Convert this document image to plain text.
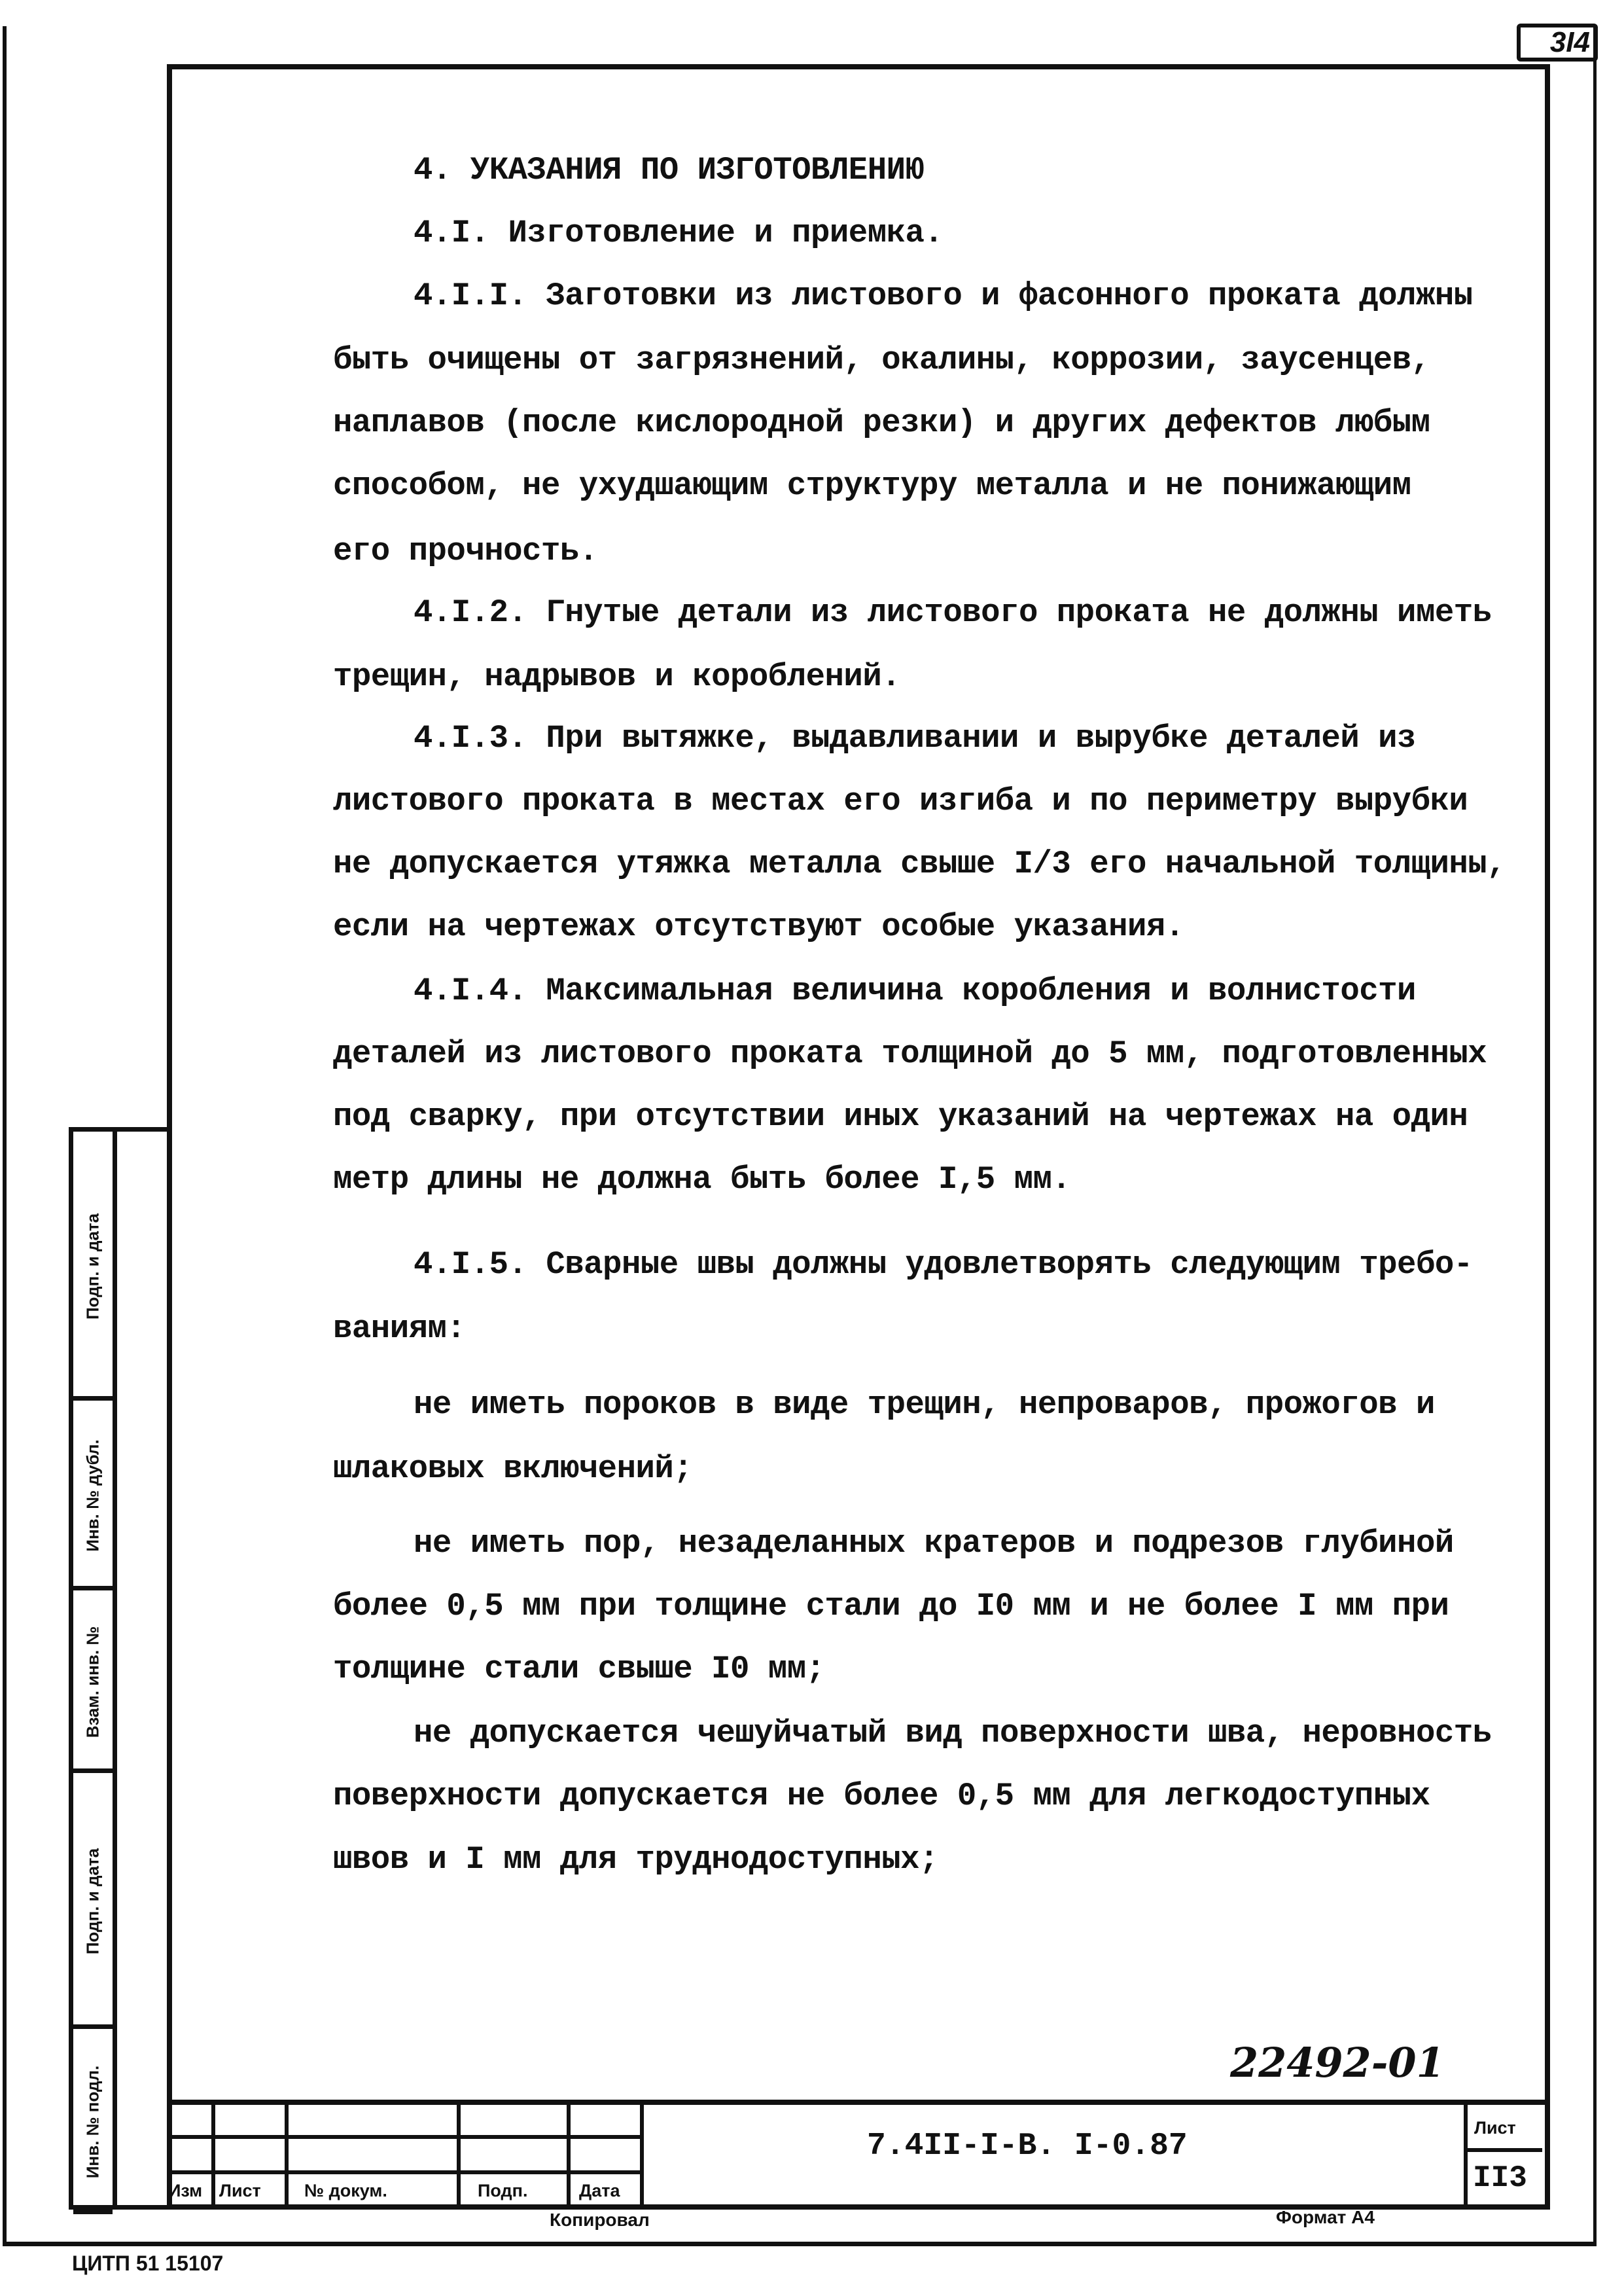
3I4
4. УКАЗАНИЯ ПО ИЗГОТОВЛЕНИЮ
4.I. Изготовление и приемка.
4.I.I. Заготовки из листового и фасонного проката должны
быть очищены от загрязнений, окалины, коррозии, заусенцев,
наплавов (после кислородной резки) и других дефектов любым
способом, не ухудшающим структуру металла и не понижающим
его прочность.
4.I.2. Гнутые детали из листового проката не должны иметь
трещин, надрывов и короблений.
4.I.3. При вытяжке, выдавливании и вырубке деталей из
листового проката в местах его изгиба и по периметру вырубки
не допускается утяжка металла свыше I/3 его начальной толщины,
если на чертежах отсутствуют особые указания.
4.I.4. Максимальная величина коробления и волнистости
деталей из листового проката толщиной до 5 мм, подготовленных
под сварку, при отсутствии иных указаний на чертежах на один
метр длины не должна быть более I,5 мм.
4.I.5. Сварные швы должны удовлетворять следующим требо-
ваниям:
не иметь пороков в виде трещин, непроваров, прожогов и
шлаковых включений;
не иметь пор, незаделанных кратеров и подрезов глубиной
более 0,5 мм при толщине стали до I0 мм и не более I мм при
толщине стали свыше I0 мм;
не допускается чешуйчатый вид поверхности шва, неровность
поверхности допускается не более 0,5 мм для легкодоступных
швов и I мм для труднодоступных;
Подп. и дата
Инв. № дубл.
Взам. инв. №
Подп. и дата
Инв. № подл.
22492-01
Изм Лист № докум.	Подп.	Дата
7.4II-I-В. I-0.87
Лист
II3
Копировал	Формат А4
ЦИТП 51 15107
